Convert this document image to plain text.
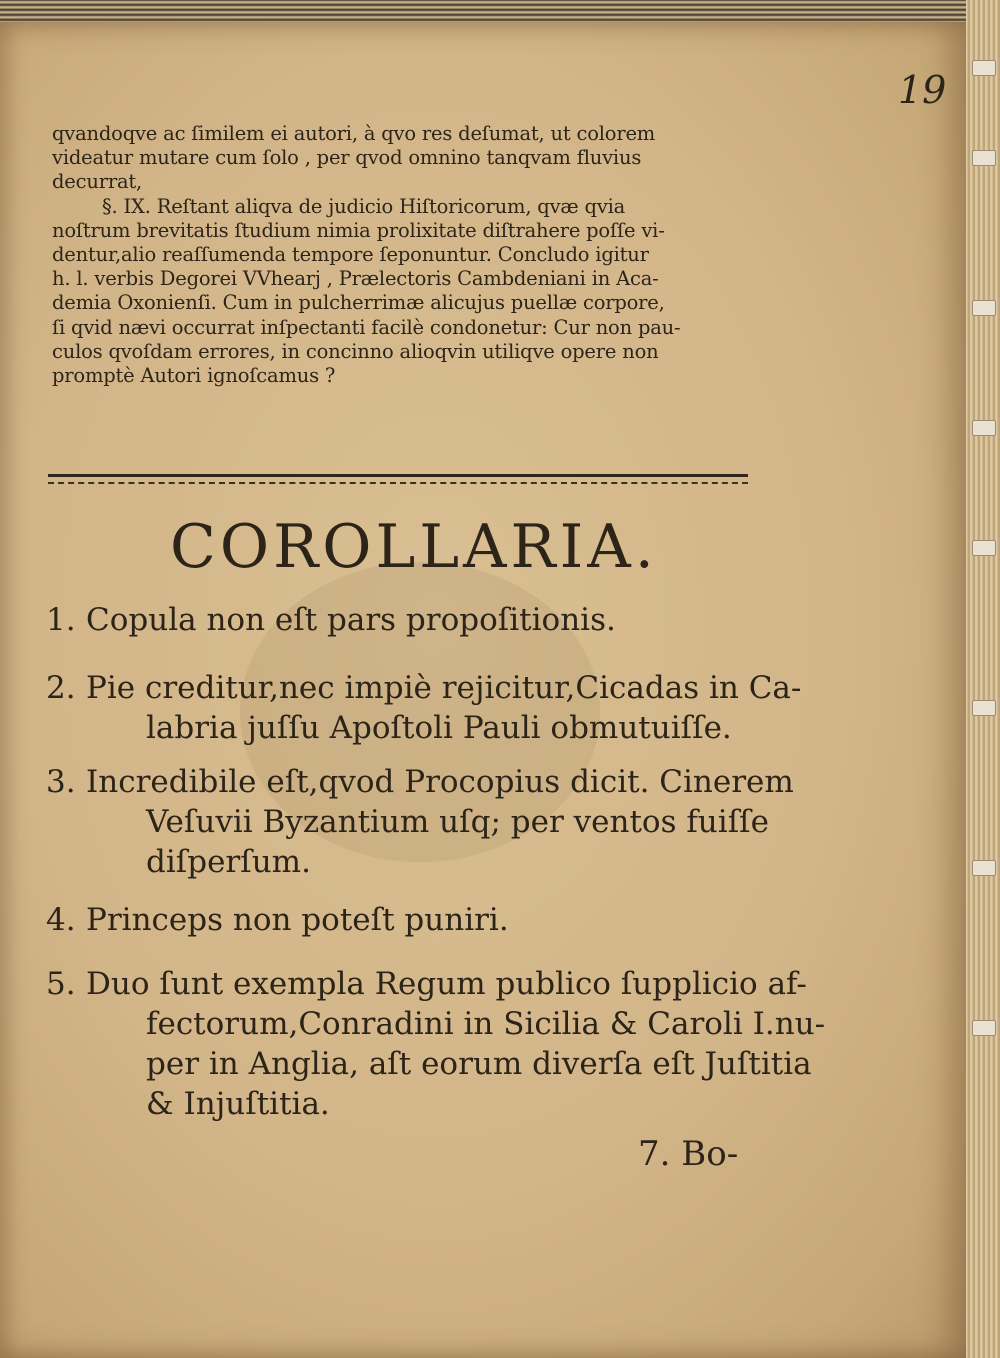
19
qvandoqve ac ſimilem ei autori, à qvo res deſumat, ut colorem
videatur mutare cum ſolo , per qvod omnino tanqvam fluvius
decurrat,
§. IX. Reſtant aliqva de judicio Hiſtoricorum, qvæ qvia
noſtrum brevitatis ſtudium nimia prolixitate diſtrahere poſſe vi-
dentur,alio reaſſumenda tempore ſeponuntur. Concludo igitur
h. l. verbis Degorei VVhearj , Prælectoris Cambdeniani in Aca-
demia Oxonienſi. Cum in pulcherrimæ alicujus puellæ corpore,
ſi qvid nævi occurrat inſpectanti facilè condonetur: Cur non pau-
culos qvoſdam errores, in concinno alioqvin utiliqve opere non
promptè Autori ignoſcamus ?
COROLLARIA.
1. Copula non eſt pars propoſitionis.
2. Pie creditur,nec impiè rejicitur,Cicadas in Ca-
labria juſſu Apoſtoli Pauli obmutuiſſe.
3. Incredibile eſt,qvod Procopius dicit. Cinerem
Veſuvii Byzantium uſq; per ventos fuiſſe
diſperſum.
4. Princeps non poteſt puniri.
5. Duo ſunt exempla Regum publico ſupplicio af-
fectorum,Conradini in Sicilia & Caroli I.nu-
per in Anglia, aſt eorum diverſa eſt Juſtitia
& Injuſtitia.
7. Bo-
